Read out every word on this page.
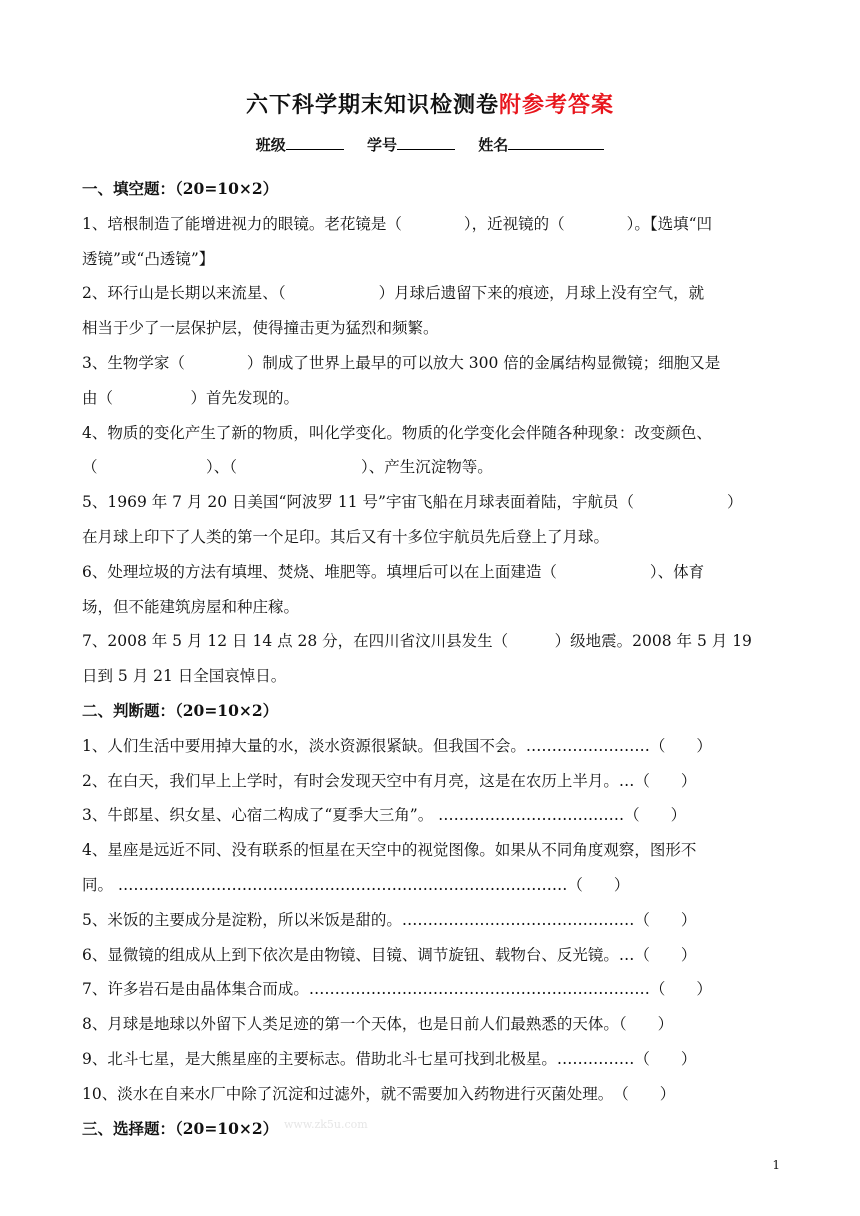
六下科学期末知识检测卷附参考答案
班级	学号	姓名
一、填空题：（20=10×2）
1、培根制造了能增进视力的眼镜。老花镜是（　　　　），近视镜的（　　　　）。【选填“凹
透镜”或“凸透镜”】
2、环行山是长期以来流星、（　　　　　　）月球后遗留下来的痕迹，月球上没有空气，就
相当于少了一层保护层，使得撞击更为猛烈和频繁。
3、生物学家（　　　　）制成了世界上最早的可以放大 300 倍的金属结构显微镜；细胞又是
由（　　　　　）首先发现的。
4、物质的变化产生了新的物质，叫化学变化。物质的化学变化会伴随各种现象：改变颜色、
（　　　　　　　）、（　　　　　　　　）、产生沉淀物等。
5、1969 年 7 月 20 日美国“阿波罗 11 号”宇宙飞船在月球表面着陆，宇航员（　　　　　　）
在月球上印下了人类的第一个足印。其后又有十多位宇航员先后登上了月球。
6、处理垃圾的方法有填埋、焚烧、堆肥等。填埋后可以在上面建造（　　　　　　）、体育
场，但不能建筑房屋和种庄稼。
7、2008 年 5 月 12 日 14 点 28 分，在四川省汶川县发生（　　　）级地震。2008 年 5 月 19
日到 5 月 21 日全国哀悼日。
二、判断题：（20=10×2）
1、人们生活中要用掉大量的水，淡水资源很紧缺。但我国不会。……………………（　　）
2、在白天，我们早上上学时，有时会发现天空中有月亮，这是在农历上半月。…（　　）
3、牛郎星、织女星、心宿二构成了“夏季大三角”。 ………………………………（　　）
4、星座是远近不同、没有联系的恒星在天空中的视觉图像。如果从不同角度观察，图形不
同。 ……………………………………………………………………………（　　）
5、米饭的主要成分是淀粉，所以米饭是甜的。………………………………………（　　）
6、显微镜的组成从上到下依次是由物镜、目镜、调节旋钮、载物台、反光镜。…（　　）
7、许多岩石是由晶体集合而成。…………………………………………………………（　　）
8、月球是地球以外留下人类足迹的第一个天体，也是日前人们最熟悉的天体。（　　）
9、北斗七星，是大熊星座的主要标志。借助北斗七星可找到北极星。……………（　　）
10、淡水在自来水厂中除了沉淀和过滤外，就不需要加入药物进行灭菌处理。　（　　）
三、选择题：（20=10×2） www.zk5u.com
1
